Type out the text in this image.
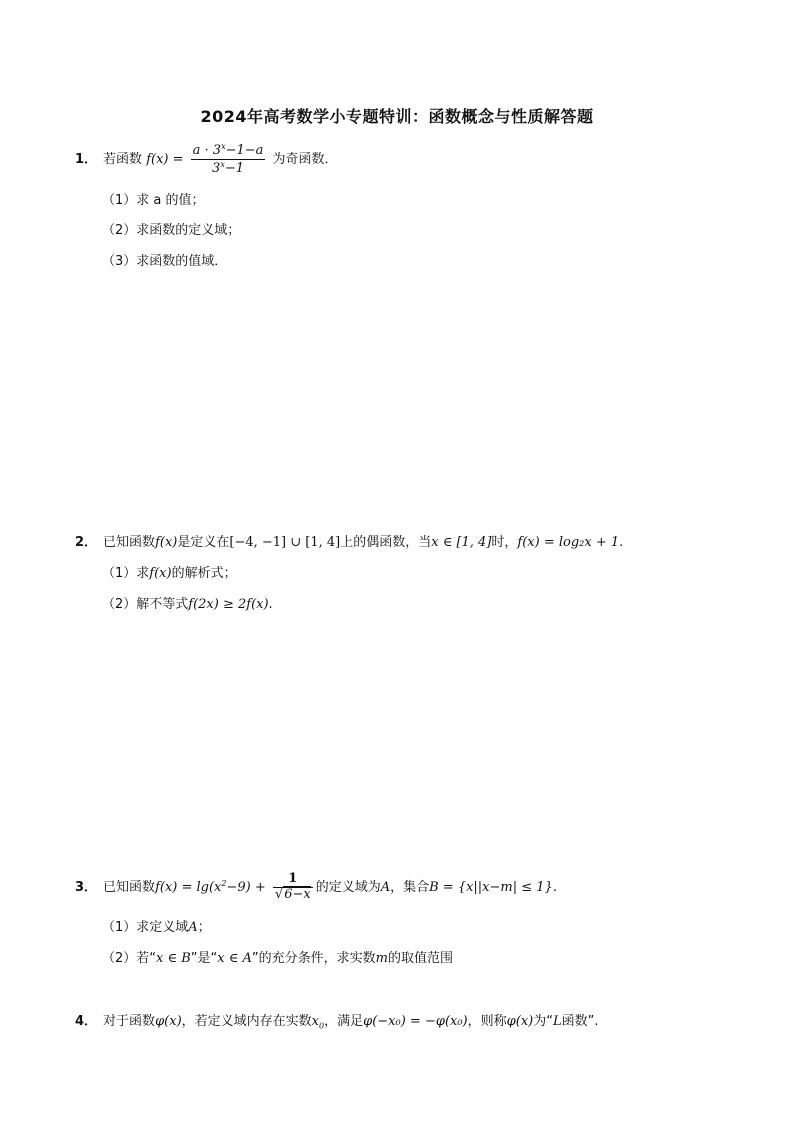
2024年高考数学小专题特训：函数概念与性质解答题
1． 若函数 $f(x) = \frac{a \cdot 3^x-1-a}{3^x-1}$ 为奇函数．
（1）求 a 的值；
（2）求函数的定义域；
（3）求函数的值域．
2． 已知函数f(x)是定义在[−4, −1] ∪ [1, 4]上的偶函数，当x ∈ [1, 4]时，f(x) = log₂x + 1.
（1）求f(x)的解析式；
（2）解不等式f(2x) ≥ 2f(x).
3． 已知函数$f(x) = \lg(x^2-9) + \frac{1}{√6-x}$ 的定义域为A，集合B = {x||x−m| ≤ 1}.
（1）求定义域A；
（2）若“x ∈ B”是“x ∈ A”的充分条件，求实数m的取值范围
4． 对于函数φ(x)，若定义域内存在实数$x_0$，满足φ(−x₀) = −φ(x₀)，则称φ(x)为“L函数”.
